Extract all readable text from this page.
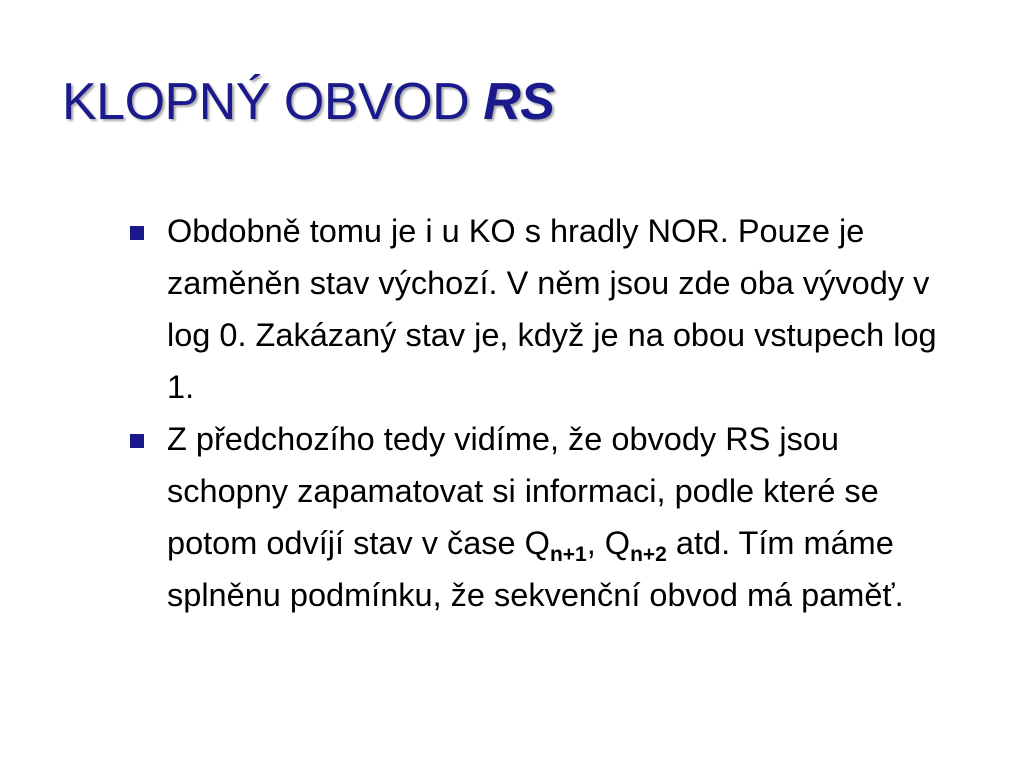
KLOPNÝ OBVOD RS
Obdobně tomu je i u KO s hradly NOR. Pouze je zaměněn stav výchozí. V něm jsou zde oba vývody v log 0. Zakázaný stav je, když je na obou vstupech log 1.
Z předchozího tedy vidíme, že obvody RS jsou schopny zapamatovat si informaci, podle které se potom odvíjí stav v čase $Q_{n+1}$, $Q_{n+2}$ atd. Tím máme splněnu podmínku, že sekvenční obvod má paměť.
